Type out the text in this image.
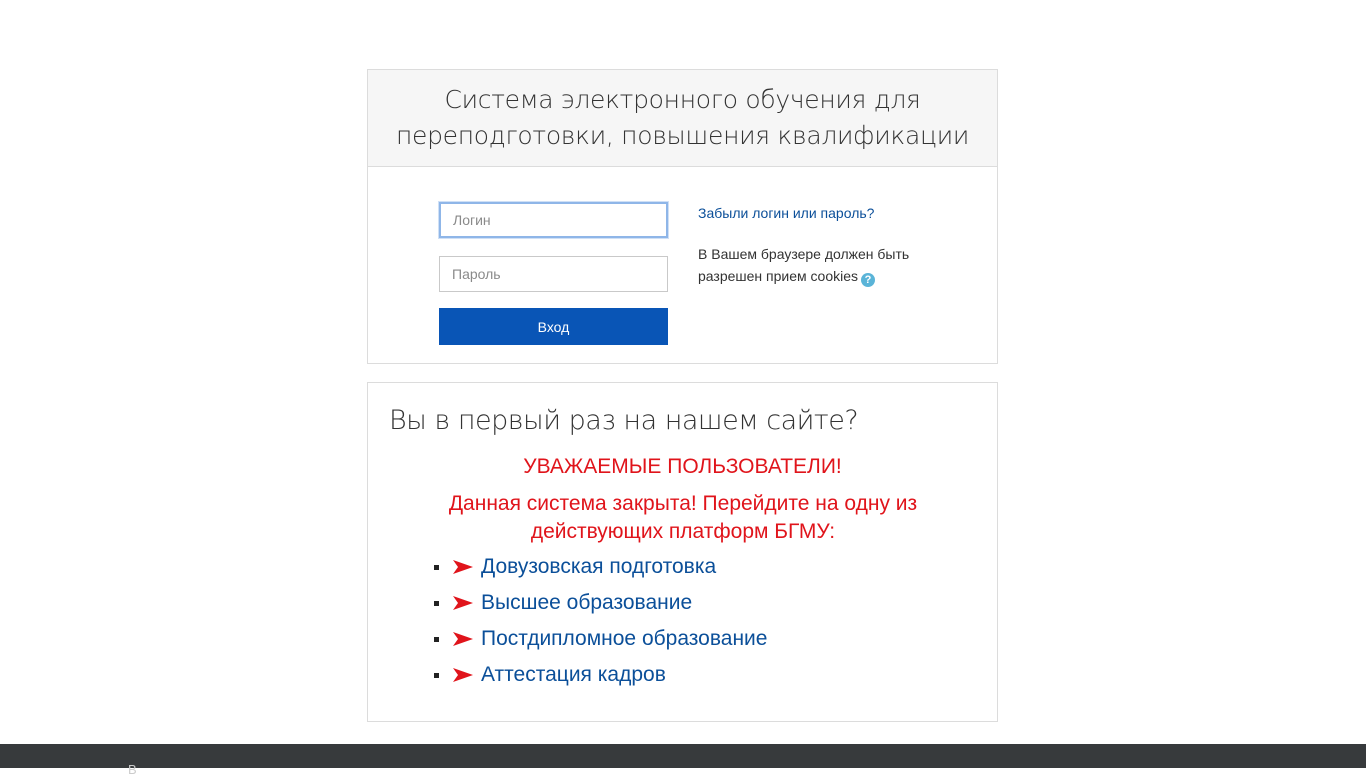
Система электронного обучения для переподготовки, повышения квалификации
Логин
Вход
Забыли логин или пароль?
В Вашем браузере должен быть разрешен прием cookies ?
Вы в первый раз на нашем сайте?

УВАЖАЕМЫЕ ПОЛЬЗОВАТЕЛИ!

Данная система закрыта! Перейдите на одну из действующих платформ БГМУ:

Довузовская подготовка
Высшее образование
Постдипломное образование
Аттестация кадров
В
